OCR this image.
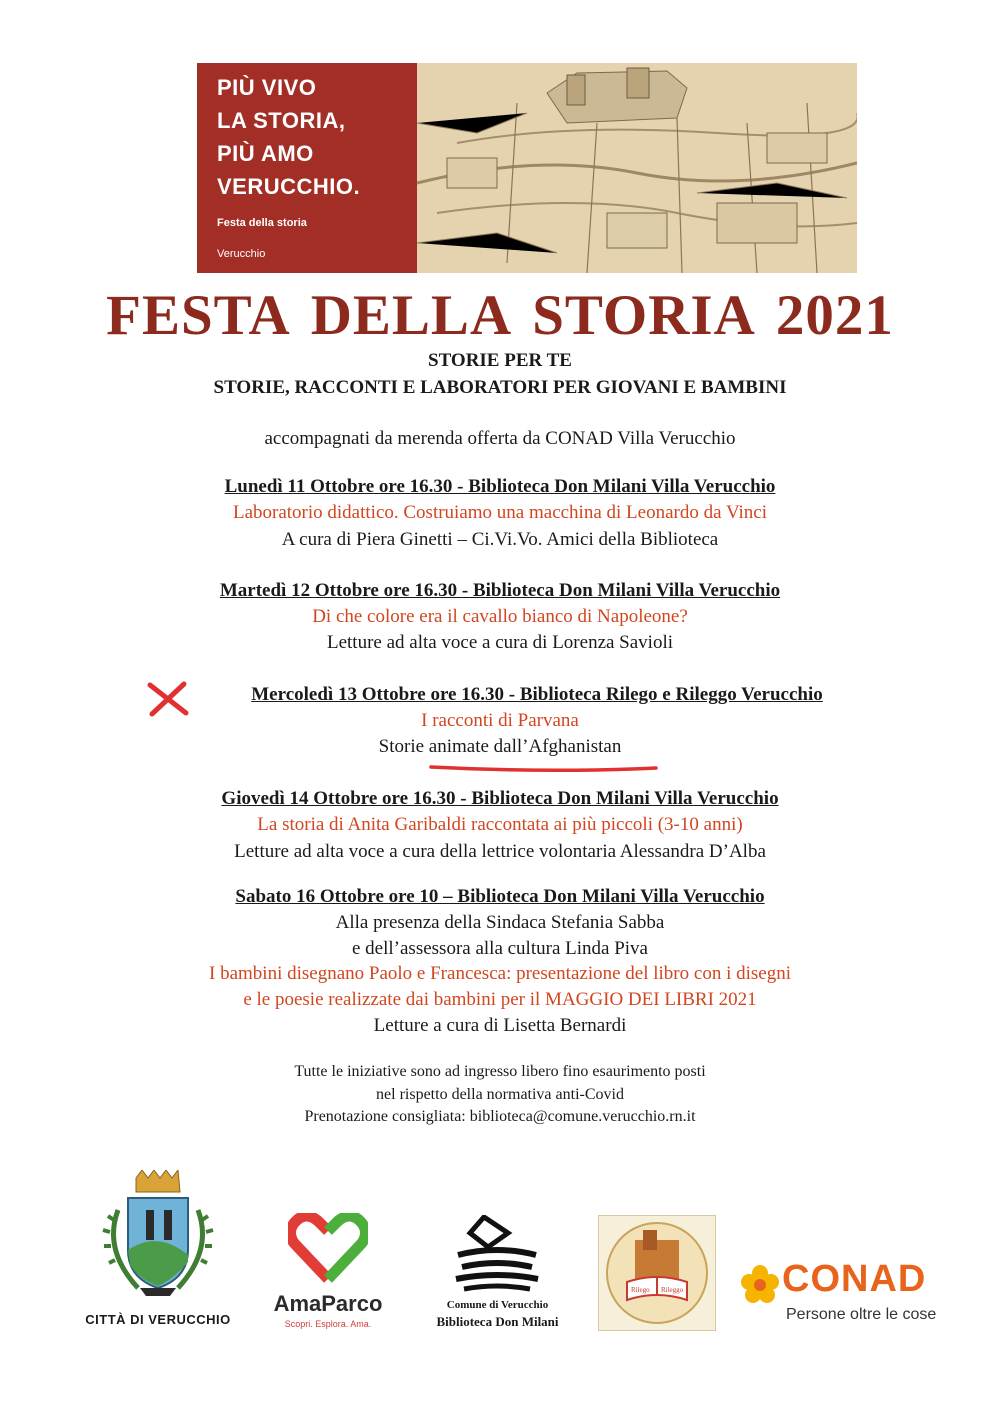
PIÙ VIVO
LA STORIA,
PIÙ AMO
VERUCCHIO.
Festa della storia
Verucchio
FESTA DELLA STORIA 2021
STORIE PER TE
STORIE, RACCONTI E LABORATORI PER GIOVANI E BAMBINI
accompagnati da merenda offerta da CONAD Villa Verucchio
Lunedì 11 Ottobre ore 16.30 - Biblioteca Don Milani Villa Verucchio
Laboratorio didattico. Costruiamo una macchina di Leonardo da Vinci
A cura di Piera Ginetti – Ci.Vi.Vo. Amici della Biblioteca
Martedì 12 Ottobre ore 16.30 - Biblioteca Don Milani Villa Verucchio
Di che colore era il cavallo bianco di Napoleone?
Letture ad alta voce a cura di Lorenza Savioli
Mercoledì 13 Ottobre ore 16.30 - Biblioteca Rilego e Rileggo Verucchio
I racconti di Parvana
Storie animate dall’Afghanistan
Giovedì 14 Ottobre ore 16.30 - Biblioteca Don Milani Villa Verucchio
La storia di Anita Garibaldi raccontata ai più piccoli (3-10 anni)
Letture ad alta voce a cura della lettrice volontaria Alessandra D’Alba
Sabato 16 Ottobre ore 10 – Biblioteca Don Milani Villa Verucchio
Alla presenza della Sindaca Stefania Sabba
e dell’assessora alla cultura Linda Piva
I bambini disegnano Paolo e Francesca: presentazione del libro con i disegni
e le poesie realizzate dai bambini per il MAGGIO DEI LIBRI 2021
Letture a cura di Lisetta Bernardi
Tutte le iniziative sono ad ingresso libero fino esaurimento posti
nel rispetto della normativa anti-Covid
Prenotazione consigliata: biblioteca@comune.verucchio.rn.it
CITTÀ DI VERUCCHIO
AmaParco
Scopri. Esplora. Ama.
Comune di Verucchio
Biblioteca Don Milani
Rilego Rileggo	CONAD
Persone oltre le cose
